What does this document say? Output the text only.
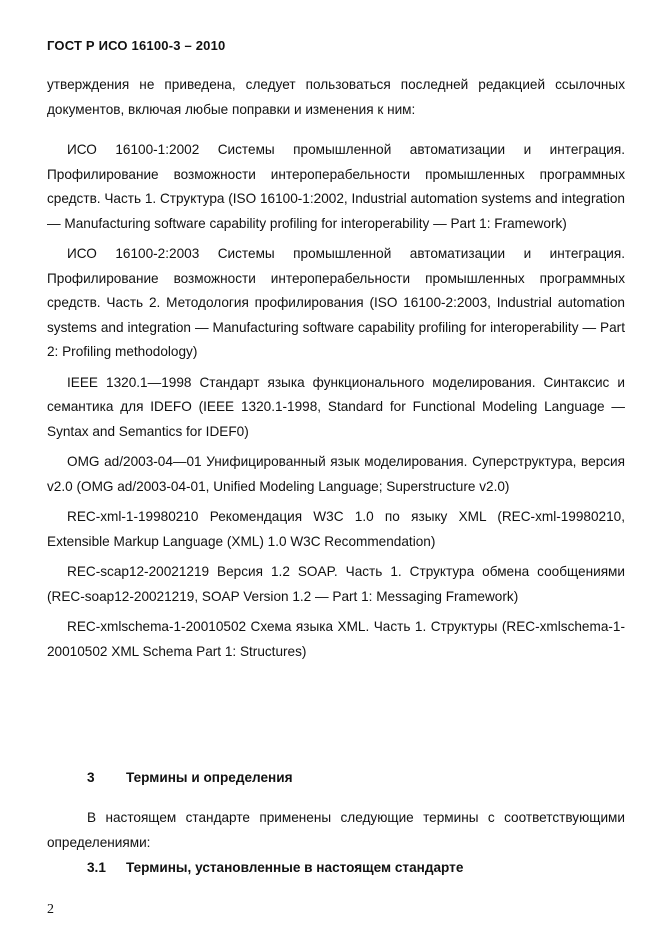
ГОСТ Р ИСО 16100-3 – 2010

утверждения не приведена, следует пользоваться последней редакцией ссылочных документов, включая любые поправки и изменения к ним:

ИСО 16100-1:2002 Системы промышленной автоматизации и интеграция. Профилирование возможности интероперабельности промышленных программных средств. Часть 1. Структура (ISO 16100-1:2002, Industrial automation systems and integration — Manufacturing software capability profiling for interoperability — Part 1: Framework)

ИСО 16100-2:2003 Системы промышленной автоматизации и интеграция. Профилирование возможности интероперабельности промышленных программных средств. Часть 2. Методология профилирования (ISO 16100-2:2003, Industrial automation systems and integration — Manufacturing software capability profiling for interoperability — Part 2: Profiling methodology)

IEEE 1320.1—1998 Стандарт языка функционального моделирования. Синтаксис и семантика для IDEFO (IEEE 1320.1-1998, Standard for Functional Modeling Language — Syntax and Semantics for IDEF0)

OMG ad/2003-04—01 Унифицированный язык моделирования. Суперструктура, версия v2.0 (OMG ad/2003-04-01, Unified Modeling Language; Superstructure v2.0)

REC-xml-1-19980210 Рекомендация W3C 1.0 по языку XML (REC-xml-19980210, Extensible Markup Language (XML) 1.0 W3C Recommendation)

REC-scap12-20021219 Версия 1.2 SOAP. Часть 1. Структура обмена сообщениями (REC-soap12-20021219, SOAP Version 1.2 — Part 1: Messaging Framework)

REC-xmlschema-1-20010502 Схема языка XML. Часть 1. Структуры (REC-xmlschema-1-20010502 XML Schema Part 1: Structures)

3 Термины и определения

В настоящем стандарте применены следующие термины с соответствующими определениями:

3.1 Термины, установленные в настоящем стандарте
2
